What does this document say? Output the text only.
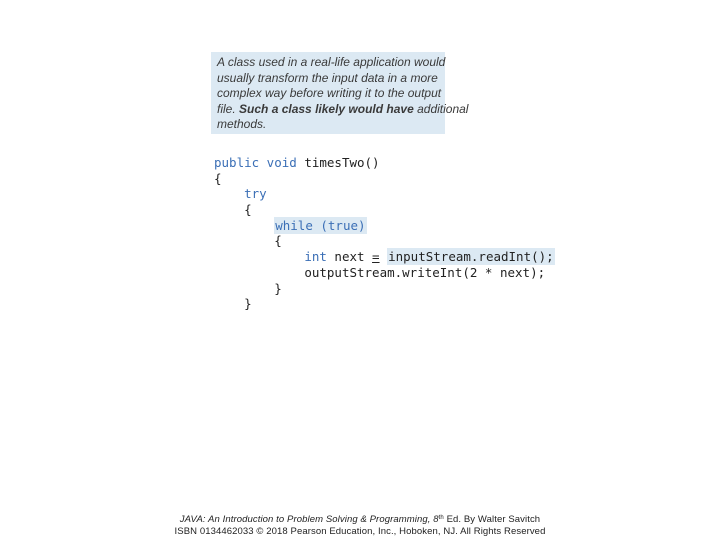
A class used in a real-life application would
usually transform the input data in a more
complex way before writing it to the output
file. Such a class likely would have additional
methods.
public void timesTwo()
{
try
{
while (true)
{
int next = inputStream.readInt();
outputStream.writeInt(2 * next);
}
}
JAVA: An Introduction to Problem Solving & Programming, 8th Ed. By Walter Savitch
ISBN 0134462033 © 2018 Pearson Education, Inc., Hoboken, NJ. All Rights Reserved
